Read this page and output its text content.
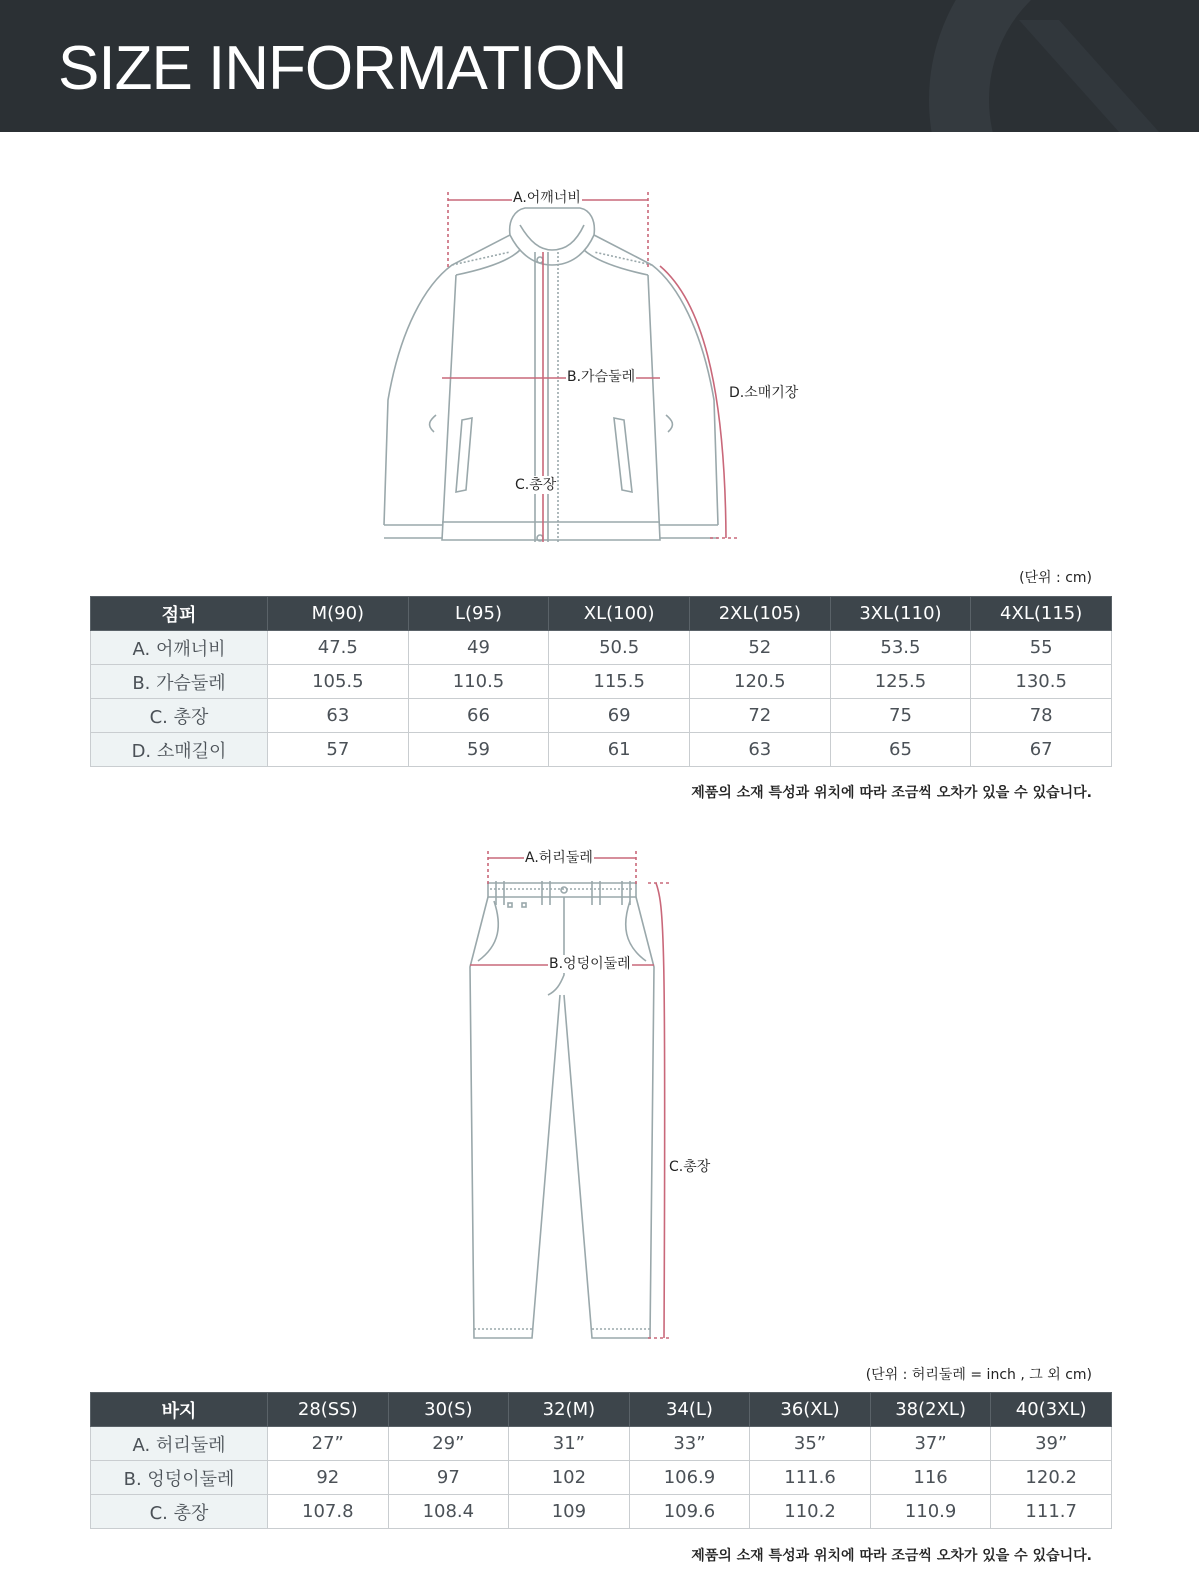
SIZE INFORMATION
A.어깨너비
B.가슴둘레
C.총장
D.소매기장
(단위 : cm)
점퍼	M(90)	L(95)	XL(100)	2XL(105)	3XL(110)	4XL(115)
A. 어깨너비	47.5	49	50.5	52	53.5	55
B. 가슴둘레	105.5	110.5	115.5	120.5	125.5	130.5
C. 총장	63	66	69	72	75	78
D. 소매길이	57	59	61	63	65	67
제품의 소재 특성과 위치에 따라 조금씩 오차가 있을 수 있습니다.
A.허리둘레
B.엉덩이둘레
C.총장
(단위 : 허리둘레 = inch , 그 외 cm)
바지	28(SS)	30(S)	32(M)	34(L)	36(XL)	38(2XL)	40(3XL)
A. 허리둘레	27”	29”	31”	33”	35”	37”	39”
B. 엉덩이둘레	92	97	102	106.9	111.6	116	120.2
C. 총장	107.8	108.4	109	109.6	110.2	110.9	111.7
제품의 소재 특성과 위치에 따라 조금씩 오차가 있을 수 있습니다.
